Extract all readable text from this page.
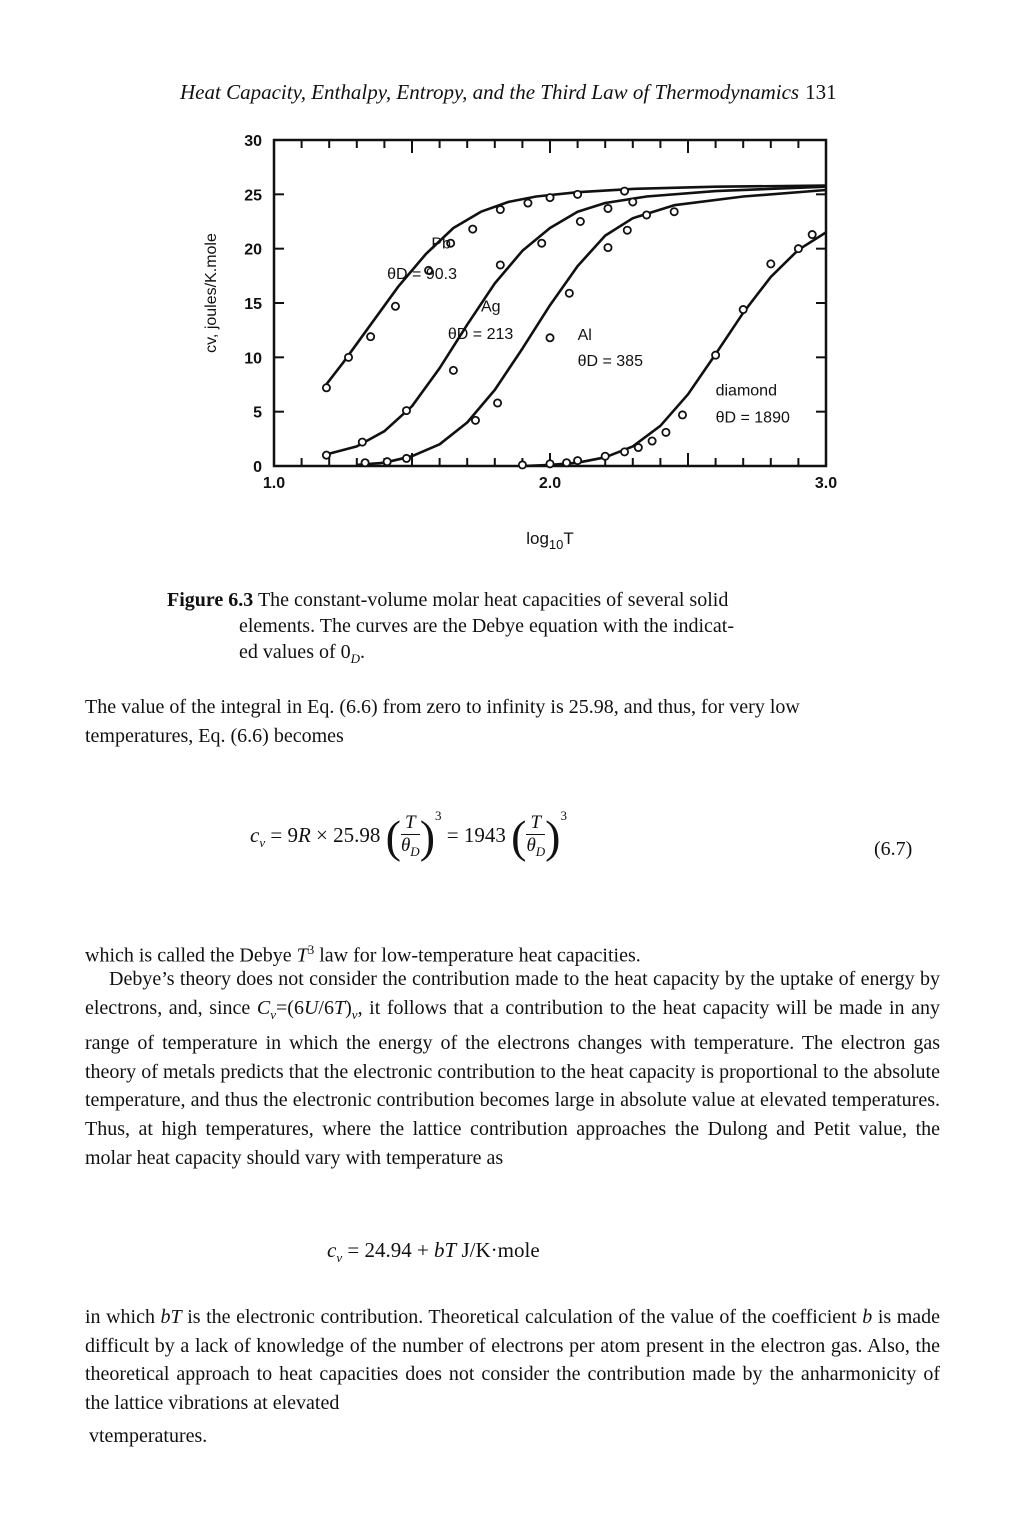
Heat Capacity, Enthalpy, Entropy, and the Third Law of Thermodynamics 131
0
5
10
15
20
25
30
1.0	2.0	3.0
$\log_{10}T$
cv, joules/K.mole	Pb
θD = 90.3
Ag
θD = 213	Al
θD = 385
diamond
θD = 1890
Figure 6.3 The constant-volume molar heat capacities of several solid
elements. The curves are the Debye equation with the indicat-
ed values of $0_D$.
The value of the integral in Eq. (6.6) from zero to infinity is 25.98, and thus, for very low
temperatures, Eq. (6.6) becomes
$c_v = 9R \times 25.98$ ( $\frac{T}{\theta_D} )^3 = 1943$ ( $\frac{T}{\theta_D} )^3$
(6.7)
which is called the Debye $T^3$ law for low-temperature heat capacities.
Debye’s theory does not consider the contribution made to the heat capacity by the uptake of energy by electrons, and, since $C_v=(6U/6T)_v$, it follows that a contribution to the heat capacity will be made in any range of temperature in which the energy of the electrons changes with temperature. The electron gas theory of metals predicts that the electronic contribution to the heat capacity is proportional to the absolute temperature, and thus the electronic contribution becomes large in absolute value at elevated temperatures. Thus, at high temperatures, where the lattice contribution approaches the Dulong and Petit value, the molar heat capacity should vary with temperature as
$c_v = 24.94$ + bT J/K·mole
in which bT is the electronic contribution. Theoretical calculation of the value of the coefficient b is made difficult by a lack of knowledge of the number of electrons per atom present in the electron gas. Also, the theoretical approach to heat capacities does not consider the contribution made by the anharmonicity of the lattice vibrations at elevated
vtemperatures.
